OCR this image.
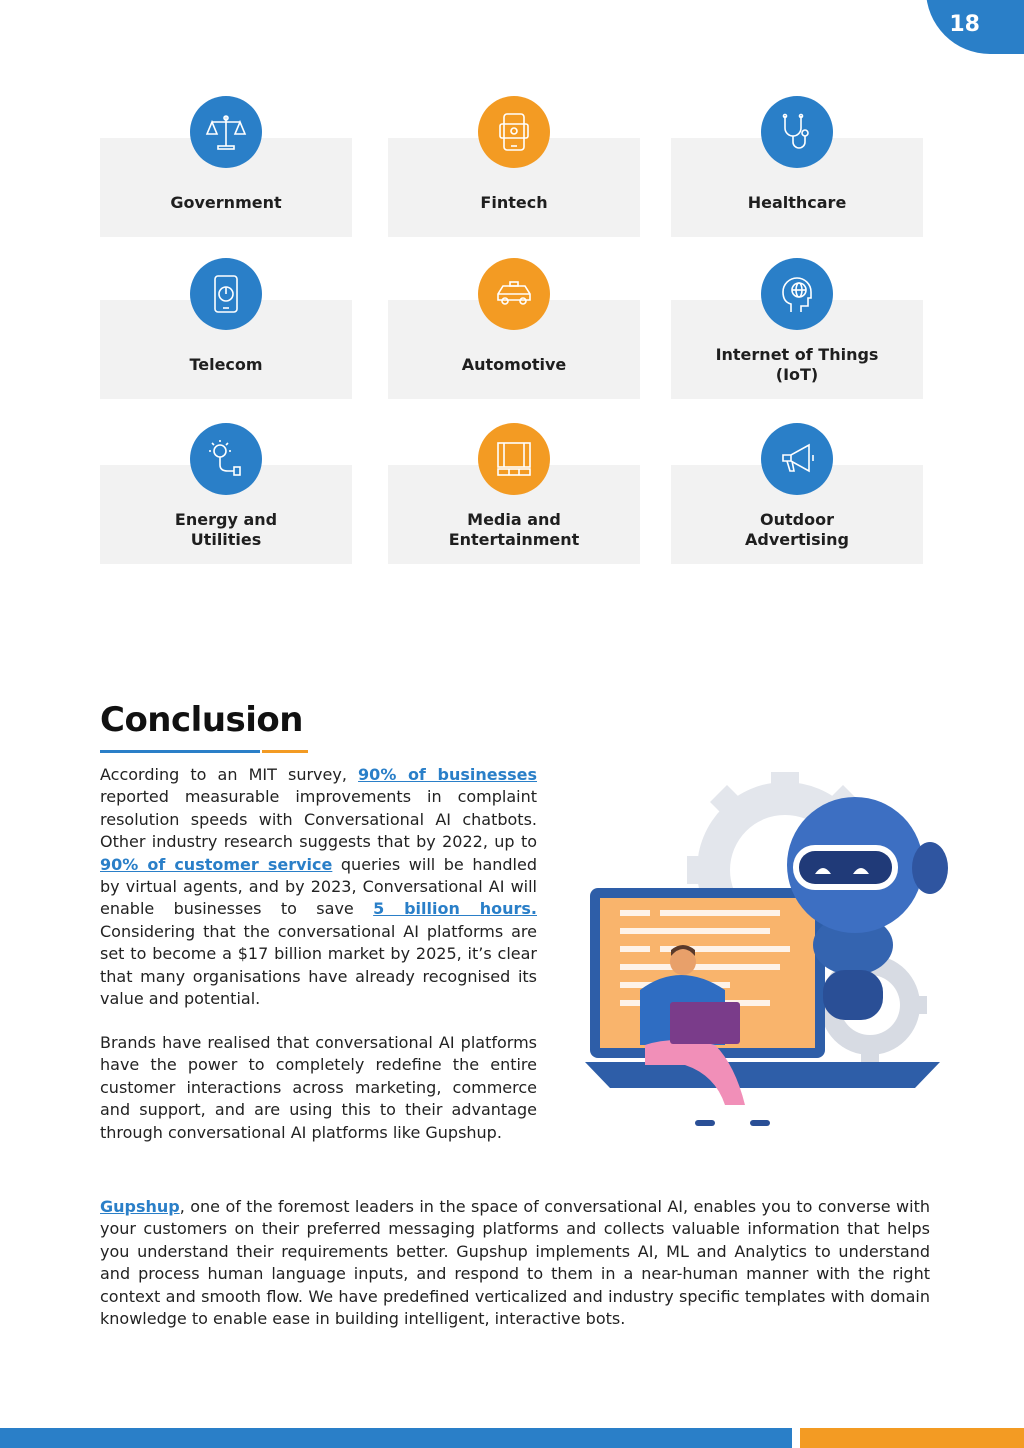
18
Government	Fintech	Healthcare
Telecom	Automotive
Internet of Things
(IoT)
Energy and
Utilities
Media and
Entertainment
Outdoor
Advertising
Conclusion
According to an MIT survey, 90% of businesses reported measurable improvements in complaint resolution speeds with Conversational AI chatbots. Other industry research suggests that by 2022, up to 90% of customer service queries will be handled by virtual agents, and by 2023, Conversational AI will enable businesses to save 5 billion hours. Considering that the conversational AI platforms are set to become a $17 billion market by 2025, it’s clear that many organisations have already recognised its value and potential.
Brands have realised that conversational AI platforms have the power to completely redefine the entire customer interactions across marketing, commerce and support, and are using this to their advantage through conversational AI platforms like Gupshup.
Gupshup, one of the foremost leaders in the space of conversational AI, enables you to converse with your customers on their preferred messaging platforms and collects valuable information that helps you understand their requirements better. Gupshup implements AI, ML and Analytics to understand and process human language inputs, and respond to them in a near-human manner with the right context and smooth flow. We have predefined verticalized and industry specific templates with domain knowledge to enable ease in building intelligent, interactive bots.
